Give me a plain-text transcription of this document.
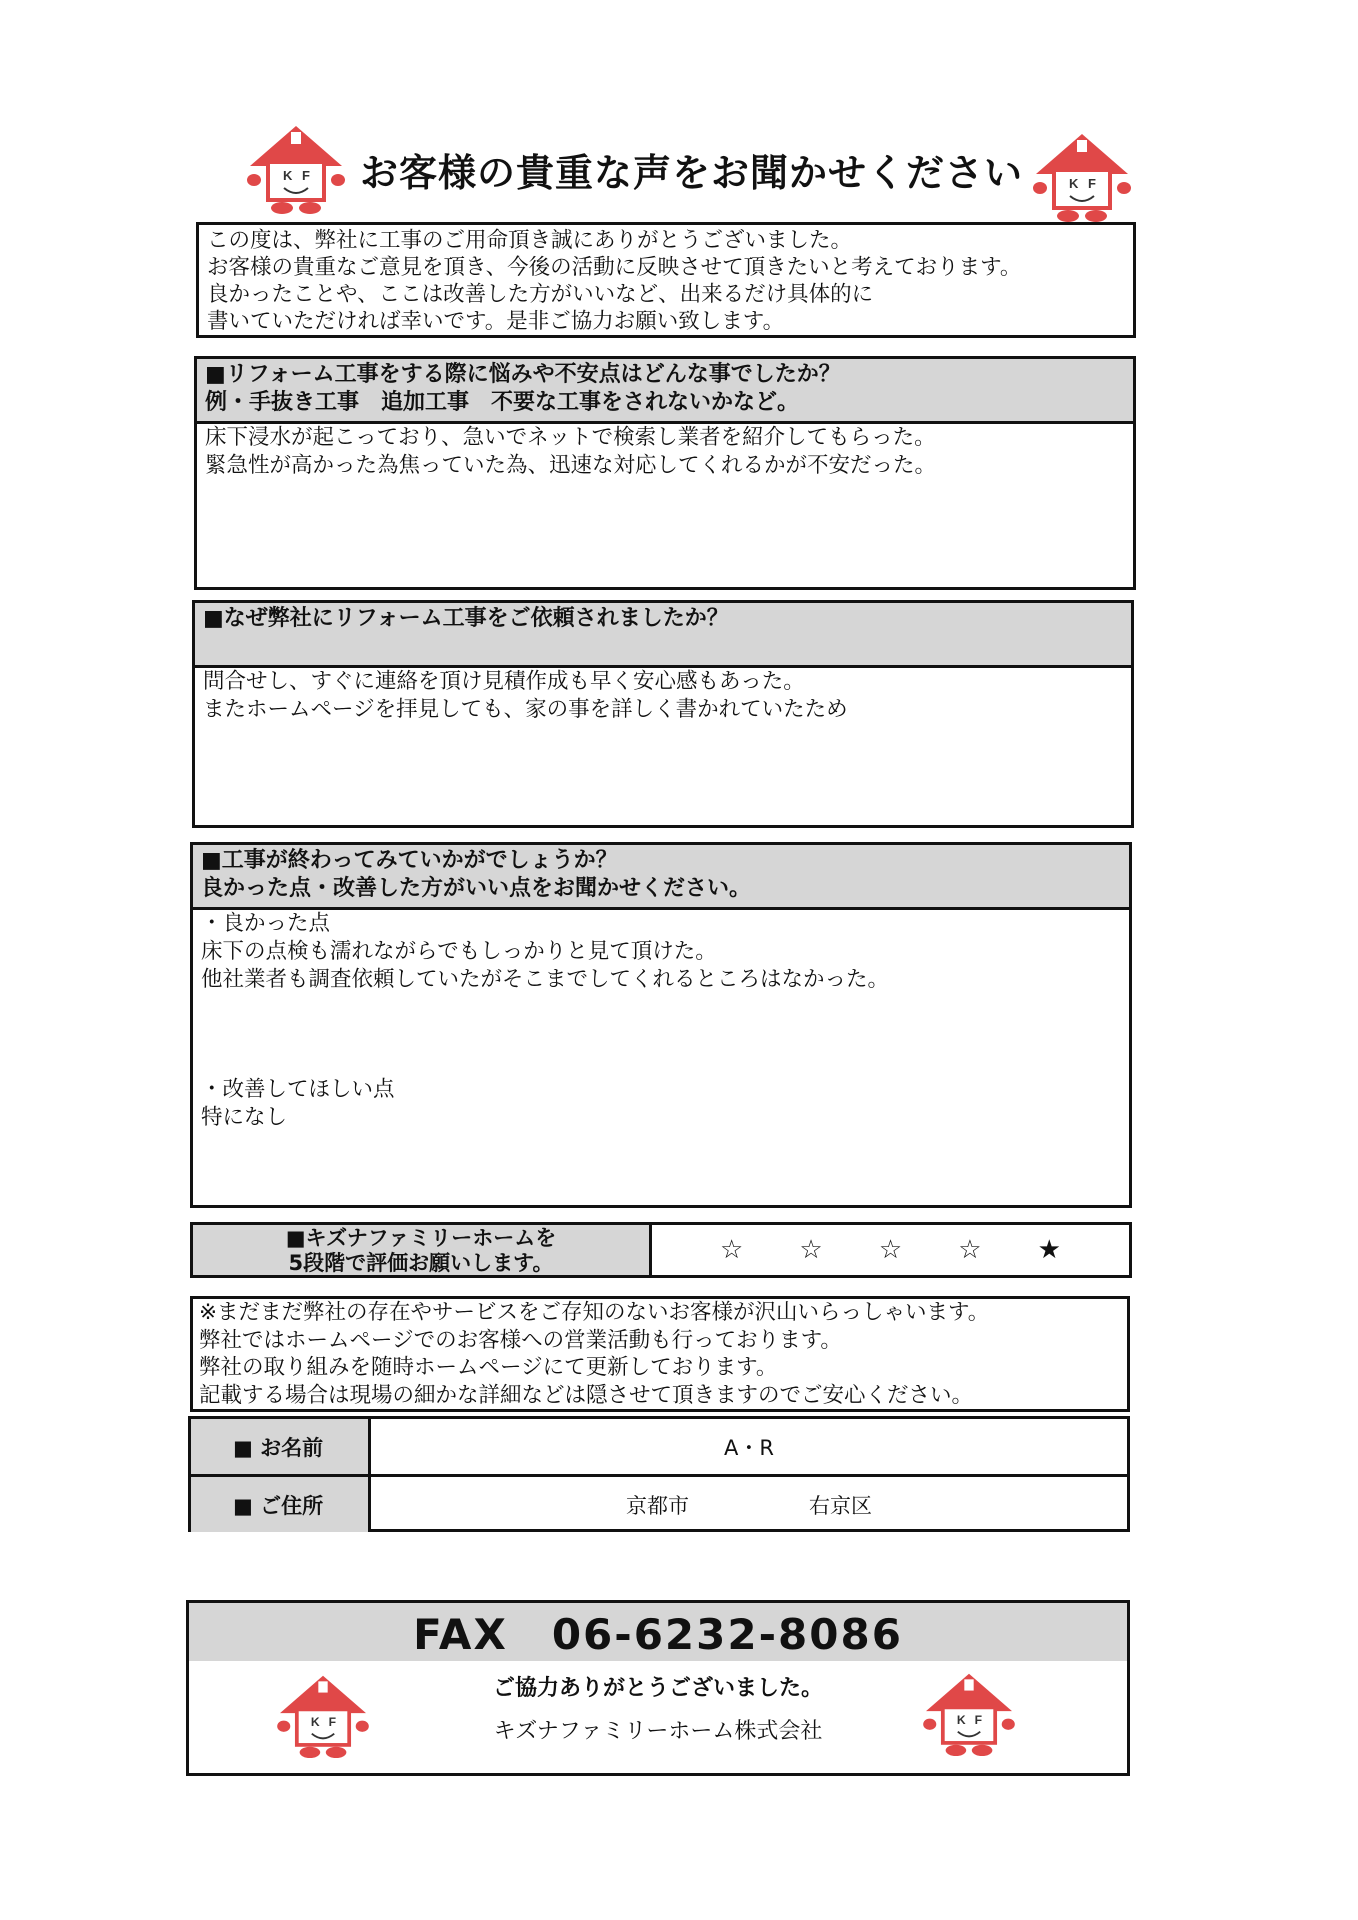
K F
K F
お客様の貴重な声をお聞かせください
この度は、弊社に工事のご用命頂き誠にありがとうございました。
お客様の貴重なご意見を頂き、今後の活動に反映させて頂きたいと考えております。
良かったことや、ここは改善した方がいいなど、出来るだけ具体的に
書いていただければ幸いです。是非ご協力お願い致します。
■リフォーム工事をする際に悩みや不安点はどんな事でしたか？
例・手抜き工事　追加工事　不要な工事をされないかなど。
床下浸水が起こっており、急いでネットで検索し業者を紹介してもらった。
緊急性が高かった為焦っていた為、迅速な対応してくれるかが不安だった。
■なぜ弊社にリフォーム工事をご依頼されましたか？
問合せし、すぐに連絡を頂け見積作成も早く安心感もあった。
またホームページを拝見しても、家の事を詳しく書かれていたため
■工事が終わってみていかがでしょうか？
良かった点・改善した方がいい点をお聞かせください。
・良かった点
床下の点検も濡れながらでもしっかりと見て頂けた。
他社業者も調査依頼していたがそこまでしてくれるところはなかった。
・改善してほしい点
特になし
■キズナファミリーホームを
5段階で評価お願いします。	☆ ☆ ☆ ☆ ★
※まだまだ弊社の存在やサービスをご存知のないお客様が沢山いらっしゃいます。
弊社ではホームページでのお客様への営業活動も行っております。
弊社の取り組みを随時ホームページにて更新しております。
記載する場合は現場の細かな詳細などは隠させて頂きますのでご安心ください。
■ お名前	A・R
■ ご住所	京都市	右京区
FAX　06-6232-8086
ご協力ありがとうございました。
キズナファミリーホーム株式会社
K F	K F
